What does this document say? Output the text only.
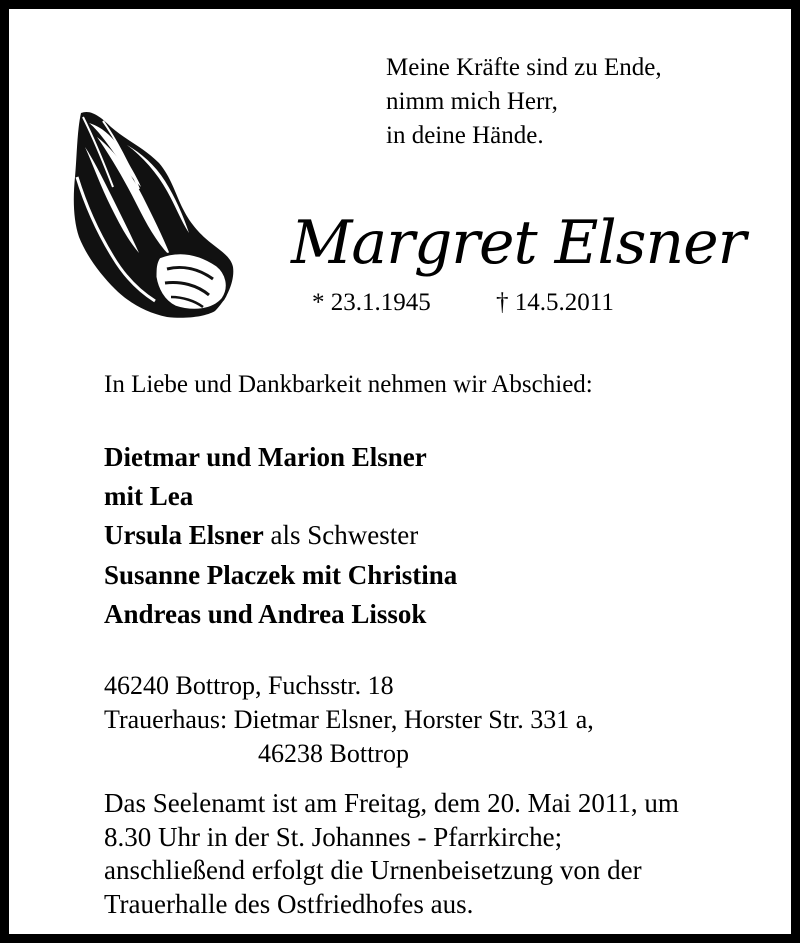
Meine Kräfte sind zu Ende,
nimm mich Herr,
in deine Hände.
Margret Elsner
* 23.1.1945	† 14.5.2011
In Liebe und Dankbarkeit nehmen wir Abschied:
Dietmar und Marion Elsner
mit Lea
Ursula Elsner als Schwester
Susanne Placzek mit Christina
Andreas und Andrea Lissok
46240 Bottrop, Fuchsstr. 18
Trauerhaus: Dietmar Elsner, Horster Str. 331 a,
46238 Bottrop
Das Seelenamt ist am Freitag, dem 20. Mai 2011, um
8.30 Uhr in der St. Johannes - Pfarrkirche;
anschließend erfolgt die Urnenbeisetzung von der
Trauerhalle des Ostfriedhofes aus.
